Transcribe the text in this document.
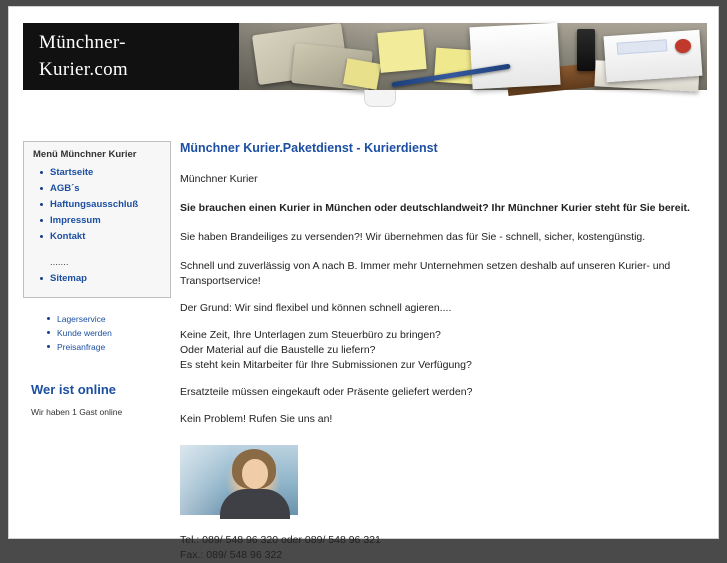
Münchner-
Kurier.com
Menü Münchner Kurier
Startseite
AGB´s
Haftungsausschluß
Impressum
Kontakt
.......
Sitemap
Lagerservice
Kunde werden
Preisanfrage
Wer ist online
Wir haben 1 Gast online
Münchner Kurier.Paketdienst - Kurierdienst

Münchner Kurier

Sie brauchen einen Kurier in München oder deutschlandweit? Ihr Münchner Kurier steht für Sie bereit.

Sie haben Brandeiliges zu versenden?! Wir übernehmen das für Sie - schnell, sicher, kostengünstig.

Schnell und zuverlässig von A nach B. Immer mehr Unternehmen setzen deshalb auf unseren Kurier- und

Transportservice!

Der Grund: Wir sind flexibel und können schnell agieren....

Keine Zeit, Ihre Unterlagen zum Steuerbüro zu bringen?

Oder Material auf die Baustelle zu liefern?

Es steht kein Mitarbeiter für Ihre Submissionen zur Verfügung?

Ersatzteile müssen eingekauft oder Präsente geliefert werden?

Kein Problem! Rufen Sie uns an!

Tel.: 089/ 548 96 320 oder 089/ 548 96 321
Fax.: 089/ 548 96 322
